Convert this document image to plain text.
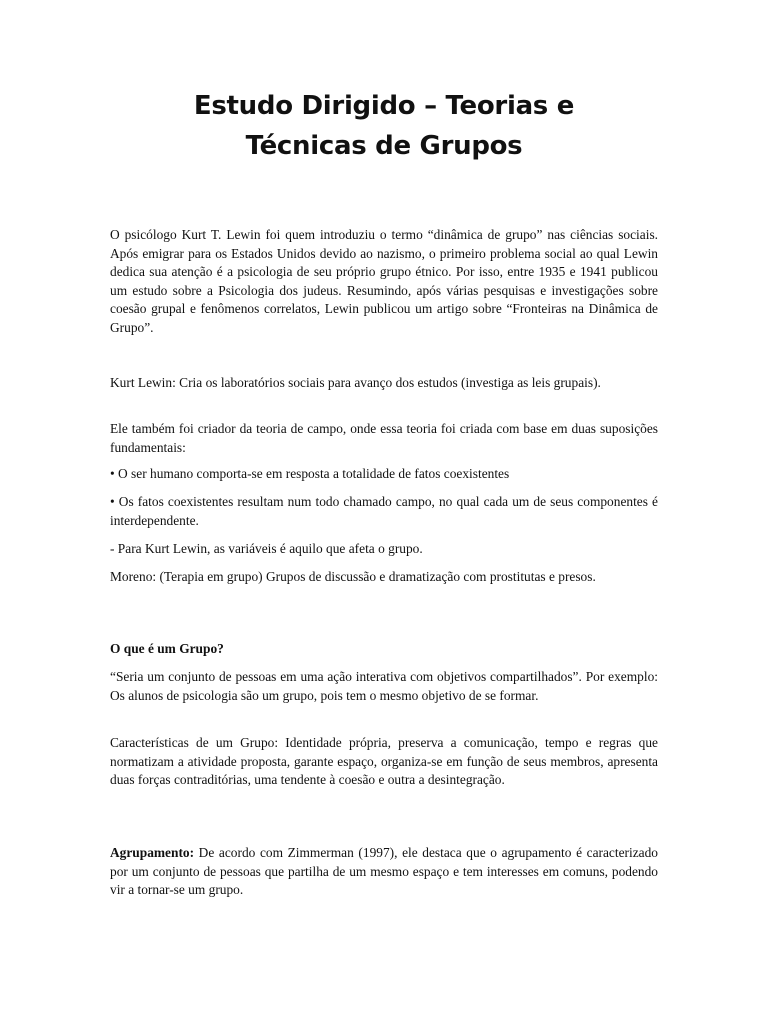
Estudo Dirigido – Teorias e
Técnicas de Grupos

O psicólogo Kurt T. Lewin foi quem introduziu o termo “dinâmica de grupo” nas ciências sociais. Após emigrar para os Estados Unidos devido ao nazismo, o primeiro problema social ao qual Lewin dedica sua atenção é a psicologia de seu próprio grupo étnico. Por isso, entre 1935 e 1941 publicou um estudo sobre a Psicologia dos judeus. Resumindo, após várias pesquisas e investigações sobre coesão grupal e fenômenos correlatos, Lewin publicou um artigo sobre “Fronteiras na Dinâmica de Grupo”.

Kurt Lewin: Cria os laboratórios sociais para avanço dos estudos (investiga as leis grupais).

Ele também foi criador da teoria de campo, onde essa teoria foi criada com base em duas suposições fundamentais:

• O ser humano comporta-se em resposta a totalidade de fatos coexistentes

• Os fatos coexistentes resultam num todo chamado campo, no qual cada um de seus componentes é interdependente.

- Para Kurt Lewin, as variáveis é aquilo que afeta o grupo.

Moreno: (Terapia em grupo) Grupos de discussão e dramatização com prostitutas e presos.

O que é um Grupo?

“Seria um conjunto de pessoas em uma ação interativa com objetivos compartilhados”. Por exemplo: Os alunos de psicologia são um grupo, pois tem o mesmo objetivo de se formar.

Características de um Grupo: Identidade própria, preserva a comunicação, tempo e regras que normatizam a atividade proposta, garante espaço, organiza-se em função de seus membros, apresenta duas forças contraditórias, uma tendente à coesão e outra a desintegração.

Agrupamento: De acordo com Zimmerman (1997), ele destaca que o agrupamento é caracterizado por um conjunto de pessoas que partilha de um mesmo espaço e tem interesses em comuns, podendo vir a tornar-se um grupo.
